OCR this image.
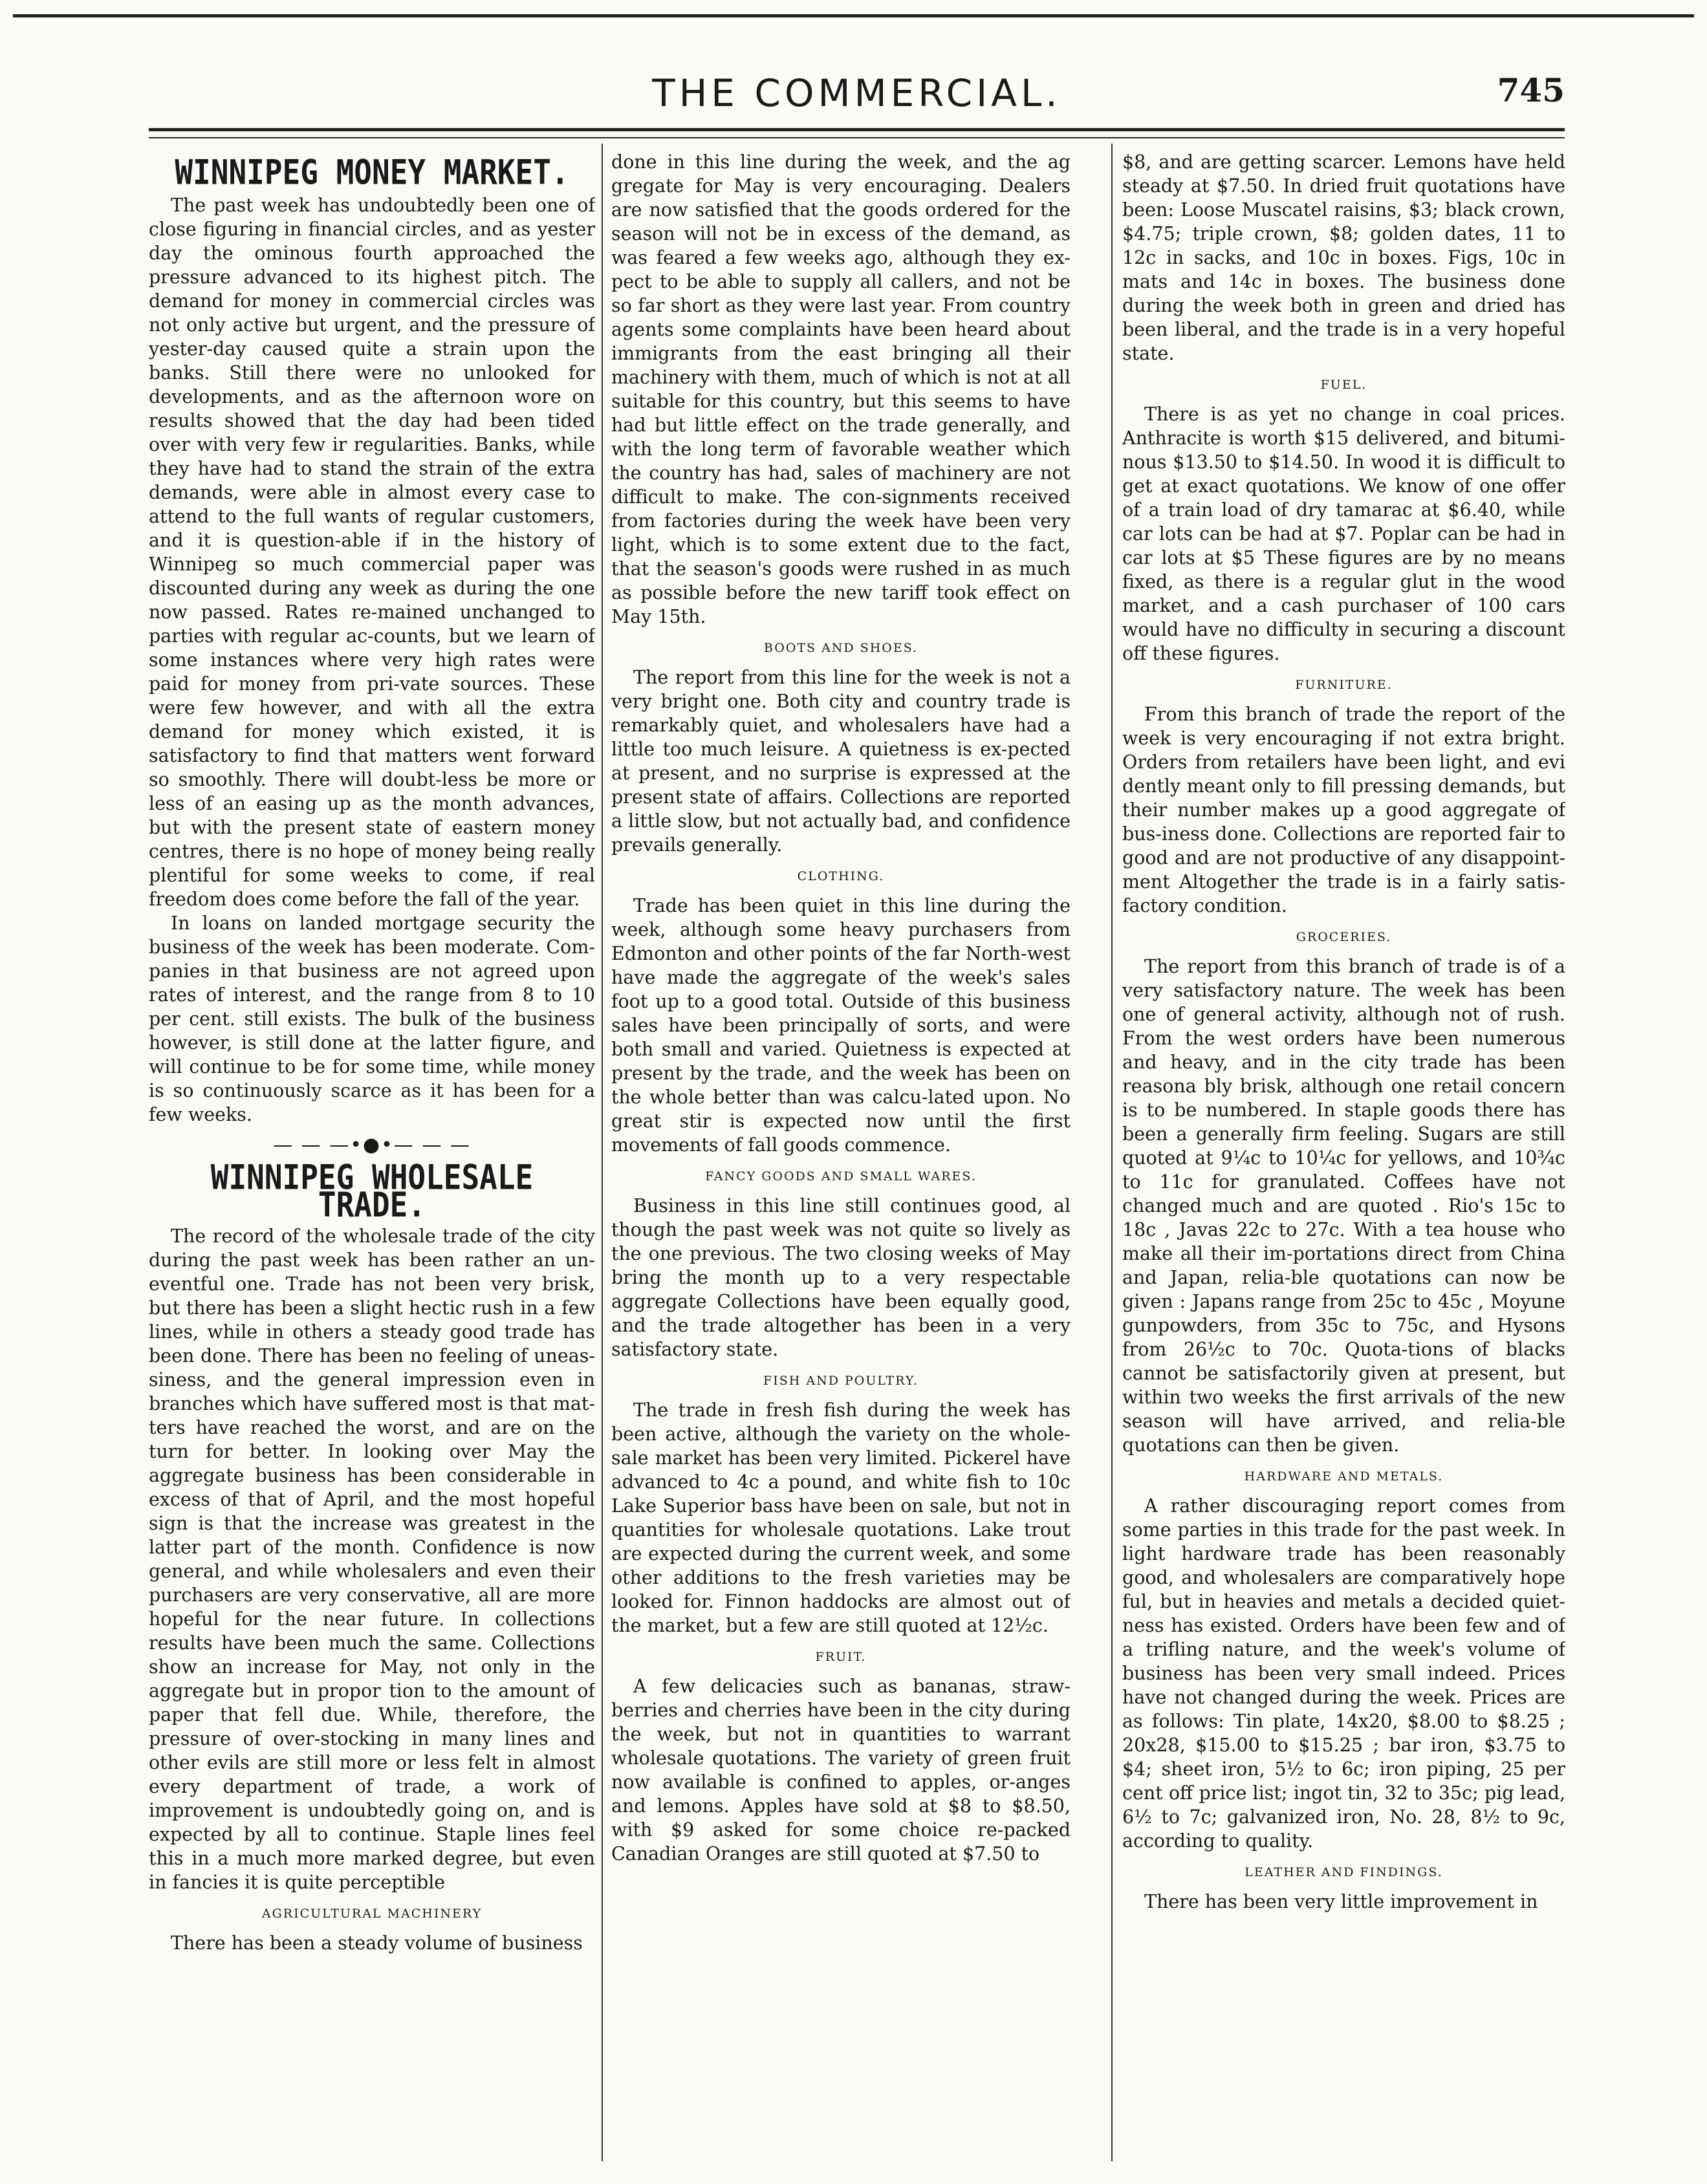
THE COMMERCIAL.	745
WINNIPEG MONEY MARKET.

The past week has undoubtedly been one of close figuring in financial circles, and as yester day the ominous fourth approached the pressure advanced to its highest pitch. The demand for money in commercial circles was not only active but urgent, and the pressure of yester-day caused quite a strain upon the banks. Still there were no unlooked for developments, and as the afternoon wore on results showed that the day had been tided over with very few ir regularities. Banks, while they have had to stand the strain of the extra demands, were able in almost every case to attend to the full wants of regular customers, and it is question-able if in the history of Winnipeg so much commercial paper was discounted during any week as during the one now passed. Rates re-mained unchanged to parties with regular ac-counts, but we learn of some instances where very high rates were paid for money from pri-vate sources. These were few however, and with all the extra demand for money which existed, it is satisfactory to find that matters went forward so smoothly. There will doubt-less be more or less of an easing up as the month advances, but with the present state of eastern money centres, there is no hope of money being really plentiful for some weeks to come, if real freedom does come before the fall of the year.

In loans on landed mortgage security the business of the week has been moderate. Com-panies in that business are not agreed upon rates of interest, and the range from 8 to 10 per cent. still exists. The bulk of the business however, is still done at the latter figure, and will continue to be for some time, while money is so continuously scarce as it has been for a few weeks.

— — —•●•— — —
WINNIPEG WHOLESALE TRADE.

The record of the wholesale trade of the city during the past week has been rather an un-eventful one. Trade has not been very brisk, but there has been a slight hectic rush in a few lines, while in others a steady good trade has been done. There has been no feeling of uneas-siness, and the general impression even in branches which have suffered most is that mat-ters have reached the worst, and are on the turn for better. In looking over May the aggregate business has been considerable in excess of that of April, and the most hopeful sign is that the increase was greatest in the latter part of the month. Confidence is now general, and while wholesalers and even their purchasers are very conservative, all are more hopeful for the near future. In collections results have been much the same. Collections show an increase for May, not only in the aggregate but in propor tion to the amount of paper that fell due. While, therefore, the pressure of over-stocking in many lines and other evils are still more or less felt in almost every department of trade, a work of improvement is undoubtedly going on, and is expected by all to continue. Staple lines feel this in a much more marked degree, but even in fancies it is quite perceptible

AGRICULTURAL MACHINERY

There has been a steady volume of business

done in this line during the week, and the ag gregate for May is very encouraging. Dealers are now satisfied that the goods ordered for the season will not be in excess of the demand, as was feared a few weeks ago, although they ex-pect to be able to supply all callers, and not be so far short as they were last year. From country agents some complaints have been heard about immigrants from the east bringing all their machinery with them, much of which is not at all suitable for this country, but this seems to have had but little effect on the trade generally, and with the long term of favorable weather which the country has had, sales of machinery are not difficult to make. The con-signments received from factories during the week have been very light, which is to some extent due to the fact, that the season's goods were rushed in as much as possible before the new tariff took effect on May 15th.

BOOTS AND SHOES.

The report from this line for the week is not a very bright one. Both city and country trade is remarkably quiet, and wholesalers have had a little too much leisure. A quietness is ex-pected at present, and no surprise is expressed at the present state of affairs. Collections are reported a little slow, but not actually bad, and confidence prevails generally.

CLOTHING.

Trade has been quiet in this line during the week, although some heavy purchasers from Edmonton and other points of the far North-west have made the aggregate of the week's sales foot up to a good total. Outside of this business sales have been principally of sorts, and were both small and varied. Quietness is expected at present by the trade, and the week has been on the whole better than was calcu-lated upon. No great stir is expected now until the first movements of fall goods commence.

FANCY GOODS AND SMALL WARES.

Business in this line still continues good, al though the past week was not quite so lively as the one previous. The two closing weeks of May bring the month up to a very respectable aggregate Collections have been equally good, and the trade altogether has been in a very satisfactory state.

FISH AND POULTRY.

The trade in fresh fish during the week has been active, although the variety on the whole-sale market has been very limited. Pickerel have advanced to 4c a pound, and white fish to 10c Lake Superior bass have been on sale, but not in quantities for wholesale quotations. Lake trout are expected during the current week, and some other additions to the fresh varieties may be looked for. Finnon haddocks are almost out of the market, but a few are still quoted at 12½c.

FRUIT.

A few delicacies such as bananas, straw-berries and cherries have been in the city during the week, but not in quantities to warrant wholesale quotations. The variety of green fruit now available is confined to apples, or-anges and lemons. Apples have sold at $8 to $8.50, with $9 asked for some choice re-packed Canadian Oranges are still quoted at $7.50 to

$8, and are getting scarcer. Lemons have held steady at $7.50. In dried fruit quotations have been: Loose Muscatel raisins, $3; black crown, $4.75; triple crown, $8; golden dates, 11 to 12c in sacks, and 10c in boxes. Figs, 10c in mats and 14c in boxes. The business done during the week both in green and dried has been liberal, and the trade is in a very hopeful state.

FUEL.

There is as yet no change in coal prices. Anthracite is worth $15 delivered, and bitumi-nous $13.50 to $14.50. In wood it is difficult to get at exact quotations. We know of one offer of a train load of dry tamarac at $6.40, while car lots can be had at $7. Poplar can be had in car lots at $5 These figures are by no means fixed, as there is a regular glut in the wood market, and a cash purchaser of 100 cars would have no difficulty in securing a discount off these figures.

FURNITURE.

From this branch of trade the report of the week is very encouraging if not extra bright. Orders from retailers have been light, and evi dently meant only to fill pressing demands, but their number makes up a good aggregate of bus-iness done. Collections are reported fair to good and are not productive of any disappoint-ment Altogether the trade is in a fairly satis-factory condition.

GROCERIES.

The report from this branch of trade is of a very satisfactory nature. The week has been one of general activity, although not of rush. From the west orders have been numerous and heavy, and in the city trade has been reasona bly brisk, although one retail concern is to be numbered. In staple goods there has been a generally firm feeling. Sugars are still quoted at 9¼c to 10¼c for yellows, and 10¾c to 11c for granulated. Coffees have not changed much and are quoted . Rio's 15c to 18c , Javas 22c to 27c. With a tea house who make all their im-portations direct from China and Japan, relia-ble quotations can now be given : Japans range from 25c to 45c , Moyune gunpowders, from 35c to 75c, and Hysons from 26½c to 70c. Quota-tions of blacks cannot be satisfactorily given at present, but within two weeks the first arrivals of the new season will have arrived, and relia-ble quotations can then be given.

HARDWARE AND METALS.

A rather discouraging report comes from some parties in this trade for the past week. In light hardware trade has been reasonably good, and wholesalers are comparatively hope ful, but in heavies and metals a decided quiet-ness has existed. Orders have been few and of a trifling nature, and the week's volume of business has been very small indeed. Prices have not changed during the week. Prices are as follows: Tin plate, 14x20, $8.00 to $8.25 ; 20x28, $15.00 to $15.25 ; bar iron, $3.75 to $4; sheet iron, 5½ to 6c; iron piping, 25 per cent off price list; ingot tin, 32 to 35c; pig lead, 6½ to 7c; galvanized iron, No. 28, 8½ to 9c, according to quality.

LEATHER AND FINDINGS.

There has been very little improvement in
